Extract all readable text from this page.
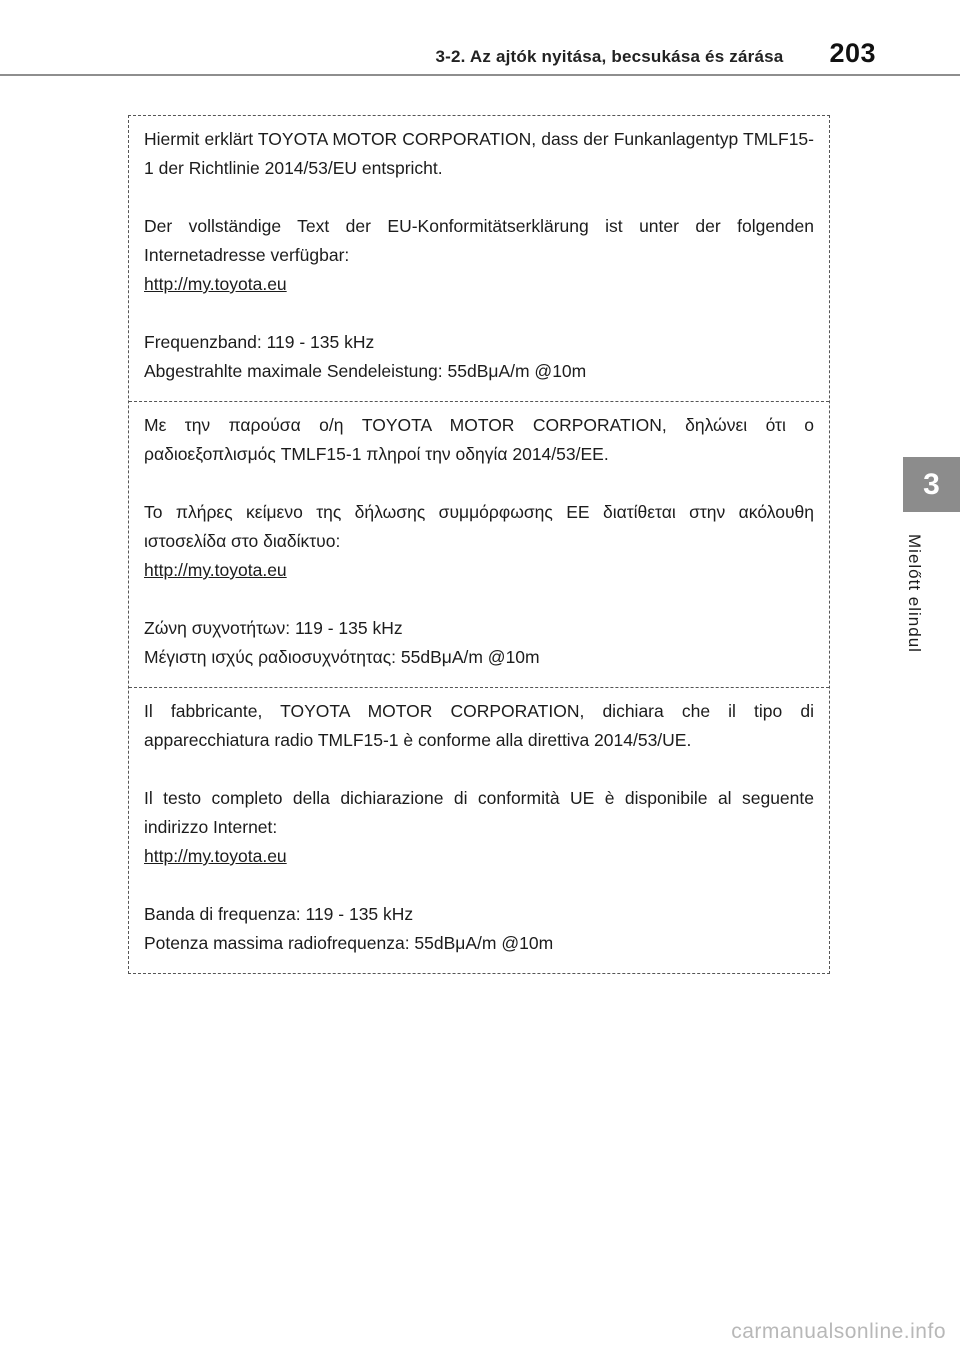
3-2. Az ajtók nyitása, becsukása és zárása 203
3
Mielőtt elindul

Hiermit erklärt TOYOTA MOTOR CORPORATION, dass der Funkanlagentyp TMLF15-1 der Richtlinie 2014/53/EU entspricht.

Der vollständige Text der EU-Konformitätserklärung ist unter der folgenden Internetadresse verfügbar:

http://my.toyota.eu

Frequenzband: 119 - 135 kHz

Abgestrahlte maximale Sendeleistung: 55dBμA/m @10m

Με την παρούσα ο/η TOYOTA MOTOR CORPORATION, δηλώνει ότι ο ραδιοεξοπλισμός TMLF15-1 πληροί την οδηγία 2014/53/ΕΕ.

Το πλήρες κείμενο της δήλωσης συμμόρφωσης ΕΕ διατίθεται στην ακόλουθη ιστοσελίδα στο διαδίκτυο:

http://my.toyota.eu

Ζώνη συχνοτήτων: 119 - 135 kHz

Μέγιστη ισχύς ραδιοσυχνότητας: 55dBμA/m @10m

Il fabbricante, TOYOTA MOTOR CORPORATION, dichiara che il tipo di apparecchiatura radio TMLF15-1 è conforme alla direttiva 2014/53/UE.

Il testo completo della dichiarazione di conformità UE è disponibile al seguente indirizzo Internet:

http://my.toyota.eu

Banda di frequenza: 119 - 135 kHz

Potenza massima radiofrequenza: 55dBμA/m @10m

carmanualsonline.info
